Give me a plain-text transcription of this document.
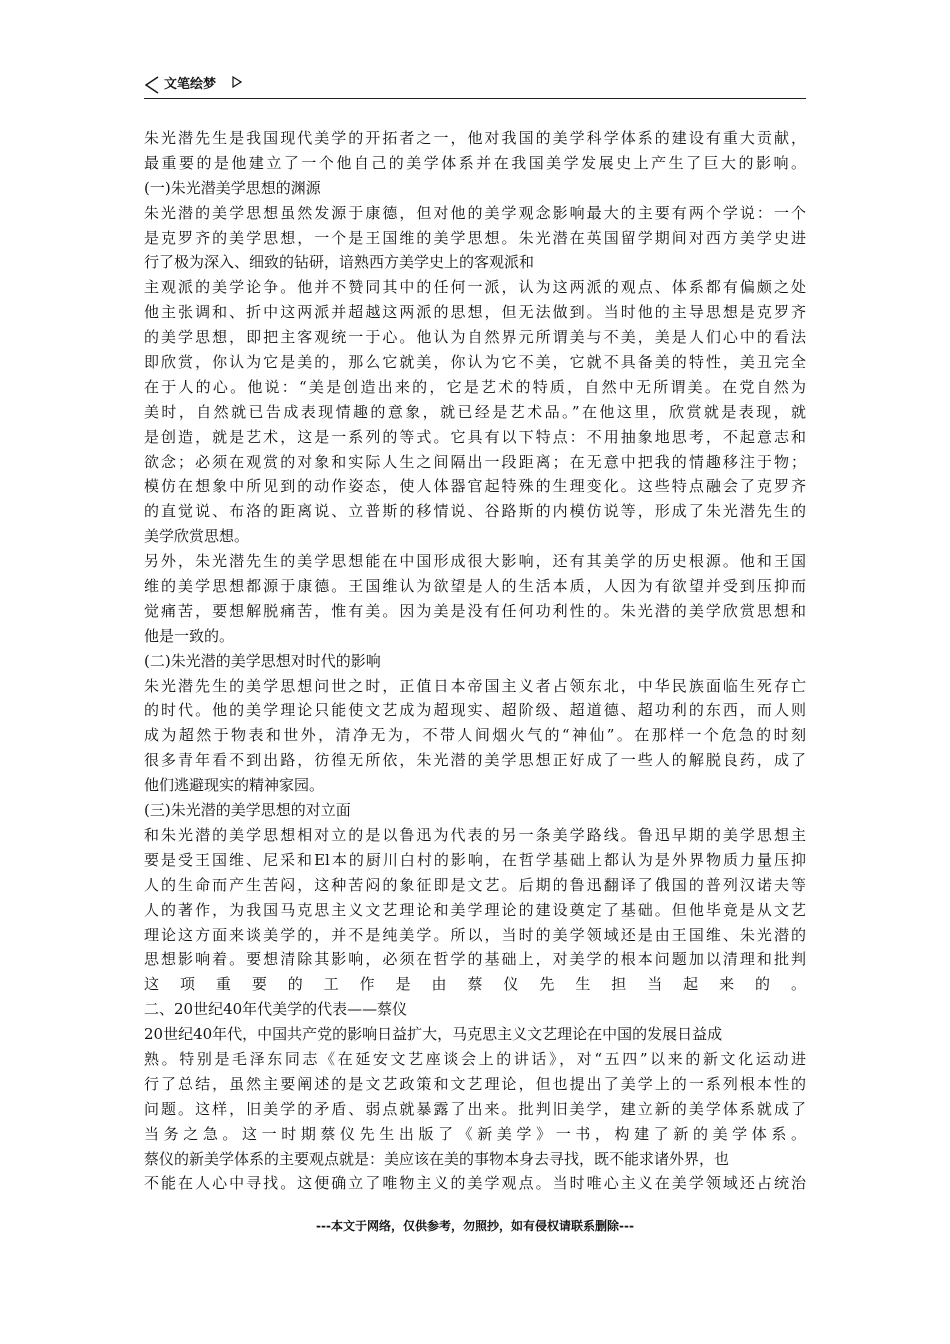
文笔绘梦
朱光潜先生是我国现代美学的开拓者之一，他对我国的美学科学体系的建设有重大贡献，
最重要的是他建立了一个他自己的美学体系并在我国美学发展史上产生了巨大的影响。
(一)朱光潜美学思想的渊源
朱光潜的美学思想虽然发源于康德，但对他的美学观念影响最大的主要有两个学说：一个
是克罗齐的美学思想，一个是王国维的美学思想。朱光潜在英国留学期间对西方美学史进
行了极为深入、细致的钻研，谙熟西方美学史上的客观派和
主观派的美学论争。他并不赞同其中的任何一派，认为这两派的观点、体系都有偏颇之处
他主张调和、折中这两派并超越这两派的思想，但无法做到。当时他的主导思想是克罗齐
的美学思想，即把主客观统一于心。他认为自然界元所谓美与不美，美是人们心中的看法
即欣赏，你认为它是美的，那么它就美，你认为它不美，它就不具备美的特性，美丑完全
在于人的心。他说：“美是创造出来的，它是艺术的特质，自然中无所谓美。在党自然为
美时，自然就已告成表现情趣的意象，就已经是艺术品。”在他这里，欣赏就是表现，就
是创造，就是艺术，这是一系列的等式。它具有以下特点：不用抽象地思考，不起意志和
欲念；必须在观赏的对象和实际人生之间隔出一段距离；在无意中把我的情趣移注于物；
模仿在想象中所见到的动作姿态，使人体器官起特殊的生理变化。这些特点融会了克罗齐
的直觉说、布洛的距离说、立普斯的移情说、谷路斯的内模仿说等，形成了朱光潜先生的
美学欣赏思想。
另外，朱光潜先生的美学思想能在中国形成很大影响，还有其美学的历史根源。他和王国
维的美学思想都源于康德。王国维认为欲望是人的生活本质，人因为有欲望并受到压抑而
觉痛苦，要想解脱痛苦，惟有美。因为美是没有任何功利性的。朱光潜的美学欣赏思想和
他是一致的。
(二)朱光潜的美学思想对时代的影响
朱光潜先生的美学思想问世之时，正值日本帝国主义者占领东北，中华民族面临生死存亡
的时代。他的美学理论只能使文艺成为超现实、超阶级、超道德、超功利的东西，而人则
成为超然于物表和世外，清净无为，不带人间烟火气的“神仙”。在那样一个危急的时刻
很多青年看不到出路，彷徨无所依，朱光潜的美学思想正好成了一些人的解脱良药，成了
他们逃避现实的精神家园。
(三)朱光潜的美学思想的对立面
和朱光潜的美学思想相对立的是以鲁迅为代表的另一条美学路线。鲁迅早期的美学思想主
要是受王国维、尼采和El本的厨川白村的影响，在哲学基础上都认为是外界物质力量压抑
人的生命而产生苦闷，这种苦闷的象征即是文艺。后期的鲁迅翻译了俄国的普列汉诺夫等
人的著作，为我国马克思主义文艺理论和美学理论的建设奠定了基础。但他毕竟是从文艺
理论这方面来谈美学的，并不是纯美学。所以，当时的美学领域还是由王国维、朱光潜的
思想影响着。要想清除其影响，必须在哲学的基础上，对美学的根本问题加以清理和批判
这项重要的工作是由蔡仪先生担当起来的。
二、20世纪40年代美学的代表——蔡仪
20世纪40年代，中国共产党的影响日益扩大，马克思主义文艺理论在中国的发展日益成
熟。特别是毛泽东同志《在延安文艺座谈会上的讲话》，对“五四”以来的新文化运动进
行了总结，虽然主要阐述的是文艺政策和文艺理论，但也提出了美学上的一系列根本性的
问题。这样，旧美学的矛盾、弱点就暴露了出来。批判旧美学，建立新的美学体系就成了
当务之急。这一时期蔡仪先生出版了《新美学》一书，构建了新的美学体系。
蔡仪的新美学体系的主要观点就是：美应该在美的事物本身去寻找，既不能求诸外界，也
不能在人心中寻找。这便确立了唯物主义的美学观点。当时唯心主义在美学领域还占统治
---本文于网络，仅供参考，勿照抄，如有侵权请联系删除---
